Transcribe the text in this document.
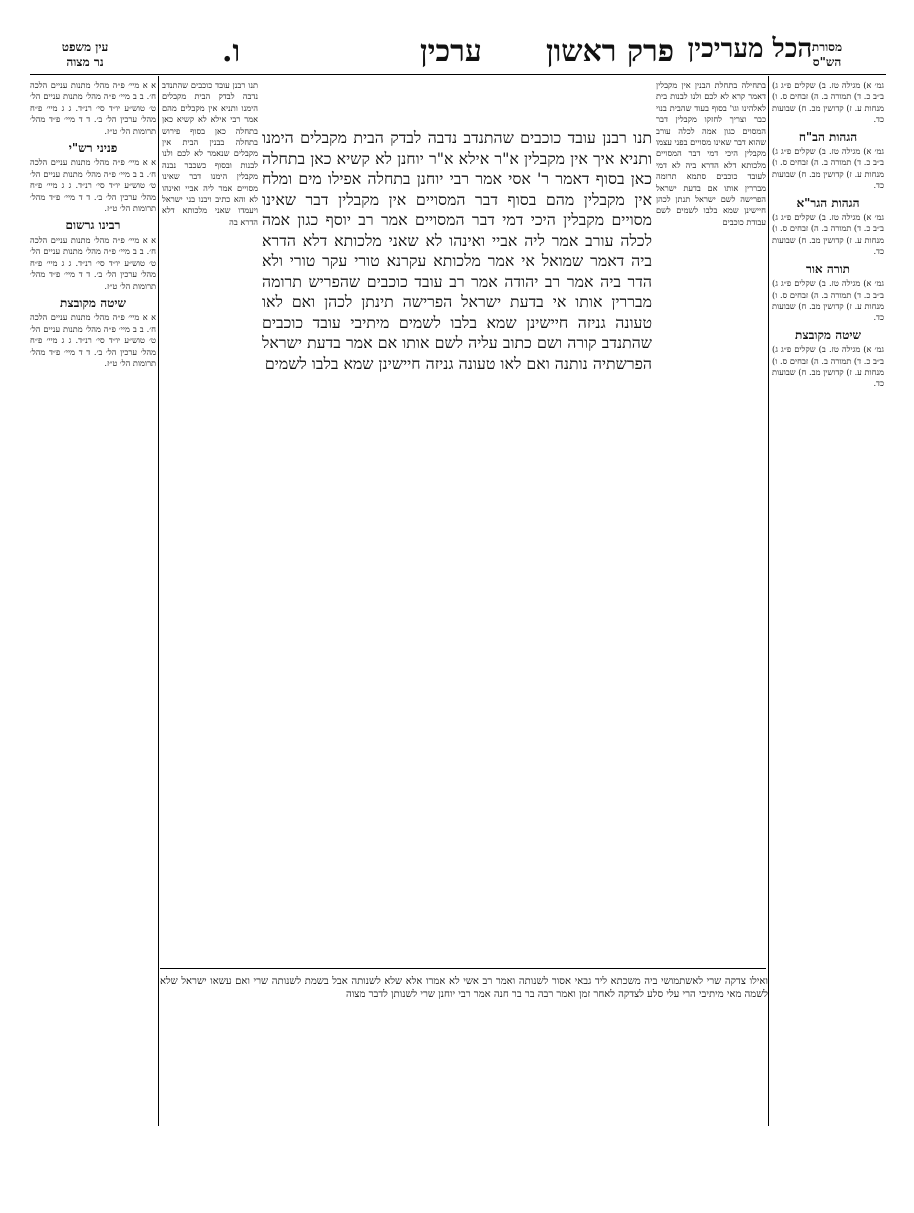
עין משפט
נר מצוה
מסורת
הש"ס
ו.	ערכין	פרק ראשון הכל מעריכין
גמ׳ א) מגילה טז. ב) שקלים פ״ג ג) ב״ב כ. ד) תמורה ב. ה) זבחים ס. ו) מנחות ע. ז) קדושין מב. ח) שבועות כד.
הגהות הב"ח
גמ׳ א) מגילה טז. ב) שקלים פ״ג ג) ב״ב כ. ד) תמורה ב. ה) זבחים ס. ו) מנחות ע. ז) קדושין מב. ח) שבועות כד.
הגהות הגר"א
גמ׳ א) מגילה טז. ב) שקלים פ״ג ג) ב״ב כ. ד) תמורה ב. ה) זבחים ס. ו) מנחות ע. ז) קדושין מב. ח) שבועות כד.
תורה אור
גמ׳ א) מגילה טז. ב) שקלים פ״ג ג) ב״ב כ. ד) תמורה ב. ה) זבחים ס. ו) מנחות ע. ז) קדושין מב. ח) שבועות כד.
שיטה מקובצת
גמ׳ א) מגילה טז. ב) שקלים פ״ג ג) ב״ב כ. ד) תמורה ב. ה) זבחים ס. ו) מנחות ע. ז) קדושין מב. ח) שבועות כד.
א א מיי׳ פ״ה מהל׳ מתנות עניים הלכה ח׳. ב ב מיי׳ פ״ה מהל׳ מתנות עניים הל׳ ט׳ טוש״ע יו״ד סי׳ רנ״ד. ג ג מיי׳ פ״ח מהל׳ ערכין הל׳ ב׳. ד ד מיי׳ פ״ד מהל׳ תרומות הל׳ ט״ז.
פניני רש"י
א א מיי׳ פ״ה מהל׳ מתנות עניים הלכה ח׳. ב ב מיי׳ פ״ה מהל׳ מתנות עניים הל׳ ט׳ טוש״ע יו״ד סי׳ רנ״ד. ג ג מיי׳ פ״ח מהל׳ ערכין הל׳ ב׳. ד ד מיי׳ פ״ד מהל׳ תרומות הל׳ ט״ז.
רבינו גרשום
א א מיי׳ פ״ה מהל׳ מתנות עניים הלכה ח׳. ב ב מיי׳ פ״ה מהל׳ מתנות עניים הל׳ ט׳ טוש״ע יו״ד סי׳ רנ״ד. ג ג מיי׳ פ״ח מהל׳ ערכין הל׳ ב׳. ד ד מיי׳ פ״ד מהל׳ תרומות הל׳ ט״ז.
שיטה מקובצת
א א מיי׳ פ״ה מהל׳ מתנות עניים הלכה ח׳. ב ב מיי׳ פ״ה מהל׳ מתנות עניים הל׳ ט׳ טוש״ע יו״ד סי׳ רנ״ד. ג ג מיי׳ פ״ח מהל׳ ערכין הל׳ ב׳. ד ד מיי׳ פ״ד מהל׳ תרומות הל׳ ט״ז.
בתחילה בתחלת הבנין אין מקבלין דאמר קרא לא לכם ולנו לבנות בית לאלהינו וגו' בסוף בעוד שהבית בנוי כבר וצריך לחזקו מקבלין דבר המסוים כגון אמה לכלה עורב שהוא דבר שאינו מסויים בפני עצמו מקבלין היכי דמי דבר המסויים מלכותא דלא הדרא ביה לא דמי לעובד כוכבים סתמא תרומה מבררין אותו אם בדעת ישראל הפרישה לשם ישראל תנתן לכהן חיישינן שמא בלבו לשמים לשם עבודת כוכבים
תנו רבנן עובד כוכבים שהתנדב נדבה לבדק הבית מקבלים הימנו ותניא אין מקבלים מהם אמר רבי אילא לא קשיא כאן בתחלה כאן בסוף פירוש בתחלה בבנין הבית אין מקבלים שנאמר לא לכם ולנו לבנות ובסוף כשכבר נבנה מקבלין הימנו דבר שאינו מסויים אמר ליה אביי ואינהו לא והא כתיב ויבנו בני ישראל ויעמדו שאני מלכותא דלא הדרא בה
תנו רבנן עובד כוכבים שהתנדב נדבה לבדק הבית מקבלים הימנו ותניא איך אין מקבלין א"ר אילא א"ר יוחנן לא קשיא כאן בתחלה כאן בסוף דאמר ר' אסי אמר רבי יוחנן בתחלה אפילו מים ומלח אין מקבלין מהם בסוף דבר המסויים אין מקבלין דבר שאינו מסויים מקבלין היכי דמי דבר המסויים אמר רב יוסף כגון אמה לכלה עורב אמר ליה אביי ואינהו לא שאני מלכותא דלא הדרא ביה דאמר שמואל אי אמר מלכותא עקרנא טורי עקר טורי ולא הדר ביה אמר רב יהודה אמר רב עובד כוכבים שהפריש תרומה מבררין אותו אי בדעת ישראל הפרישה תינתן לכהן ואם לאו טעונה גניזה חיישינן שמא בלבו לשמים מיתיבי עובד כוכבים שהתנדב קורה ושם כתוב עליה לשם אותו אם אמר בדעת ישראל הפרשתיה נותנה ואם לאו טעונה גניזה חיישינן שמא בלבו לשמים
ואילו צדקה שרי לאשתמושי ביה משכתא ליד גבאי אסור לשנותה ואמר רב אשי לא אמרו אלא שלא לשנותה אבל בשמת לשנותה שרי ואם עשאו ישראל שלא לשמה מאי מיתיבי הרי עלי סלע לצדקה לאחר זמן ואמר רבה בר בר חנה אמר רבי יוחנן שרי לשנותן לדבר מצוה
